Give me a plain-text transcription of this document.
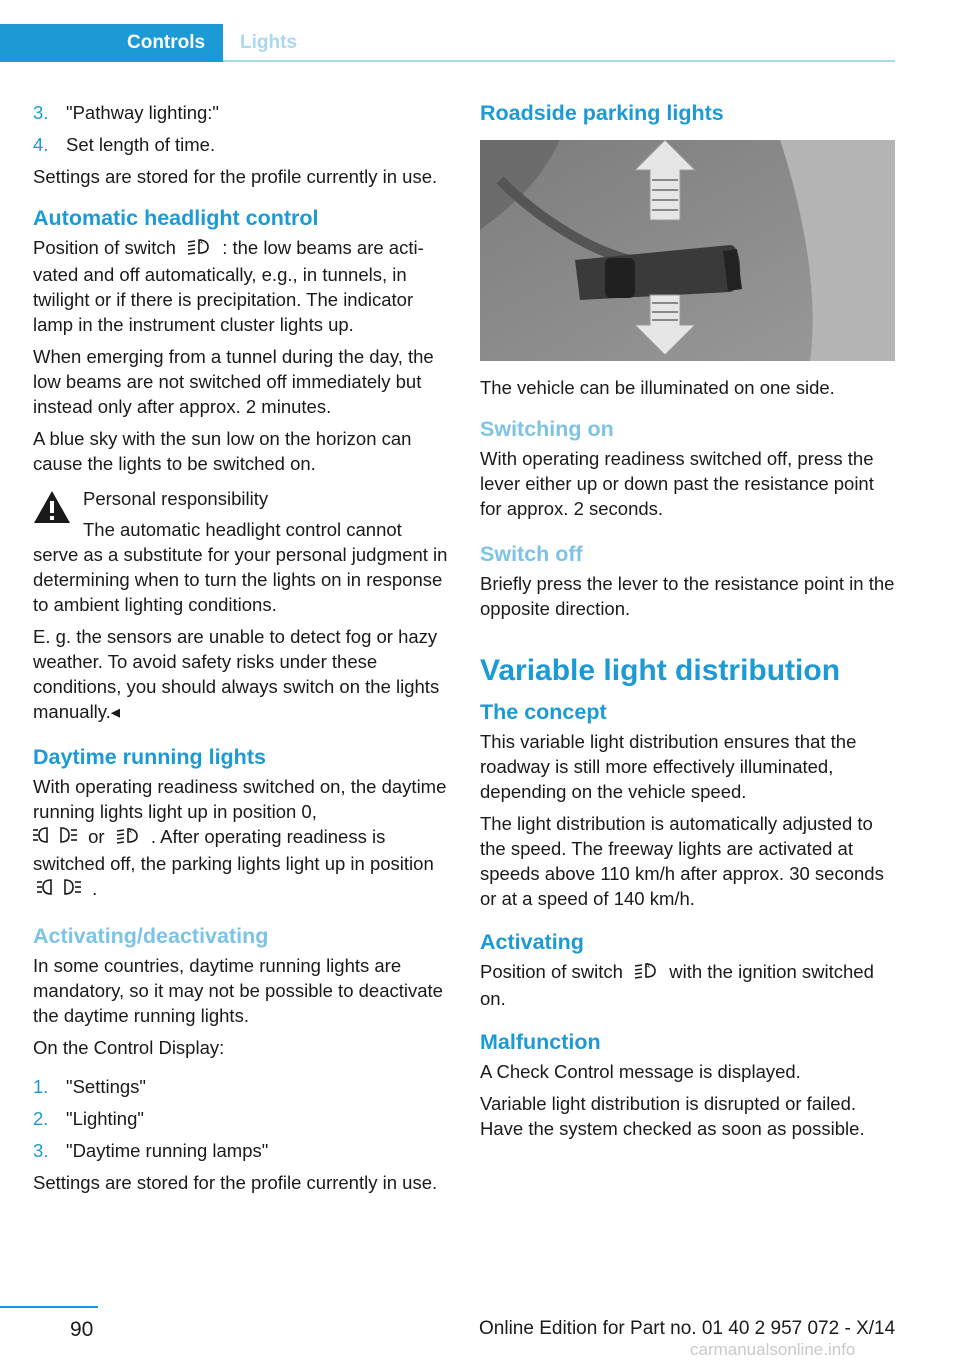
Controls	Lights
3. "Pathway lighting:"
4. Set length of time.

Settings are stored for the profile currently in use.

Automatic headlight control

Position of switch	A : the low beams are activated and off automatically, e.g., in tunnels, in twilight or if there is precipitation. The indicator lamp in the instrument cluster lights up.

When emerging from a tunnel during the day, the low beams are not switched off immediately but instead only after approx. 2 minutes.

A blue sky with the sun low on the horizon can cause the lights to be switched on.

Personal responsibility

The automatic headlight control cannot

serve as a substitute for your personal judgment in determining when to turn the lights on in response to ambient lighting conditions.

E. g. the sensors are unable to detect fog or hazy weather. To avoid safety risks under these conditions, you should always switch on the lights manually.◂

Daytime running lights

With operating readiness switched on, the daytime running lights light up in position 0,
or	A . After operating readiness is switched off, the parking lights light up in position  .

Activating/deactivating

In some countries, daytime running lights are mandatory, so it may not be possible to deactivate the daytime running lights.

On the Control Display:

1. "Settings"
2. "Lighting"
3. "Daytime running lamps"

Settings are stored for the profile currently in use.

Roadside parking lights

The vehicle can be illuminated on one side.

Switching on

With operating readiness switched off, press the lever either up or down past the resistance point for approx. 2 seconds.

Switch off

Briefly press the lever to the resistance point in the opposite direction.

Variable light distribution
The concept

This variable light distribution ensures that the roadway is still more effectively illuminated, depending on the vehicle speed.

The light distribution is automatically adjusted to the speed. The freeway lights are activated at speeds above 110 km/h after approx. 30 seconds or at a speed of 140 km/h.

Activating

Position of switch	A with the ignition switched on.

Malfunction

A Check Control message is displayed.

Variable light distribution is disrupted or failed. Have the system checked as soon as possible.

90	Online Edition for Part no. 01 40 2 957 072 - X/14
carmanualsonline.info
